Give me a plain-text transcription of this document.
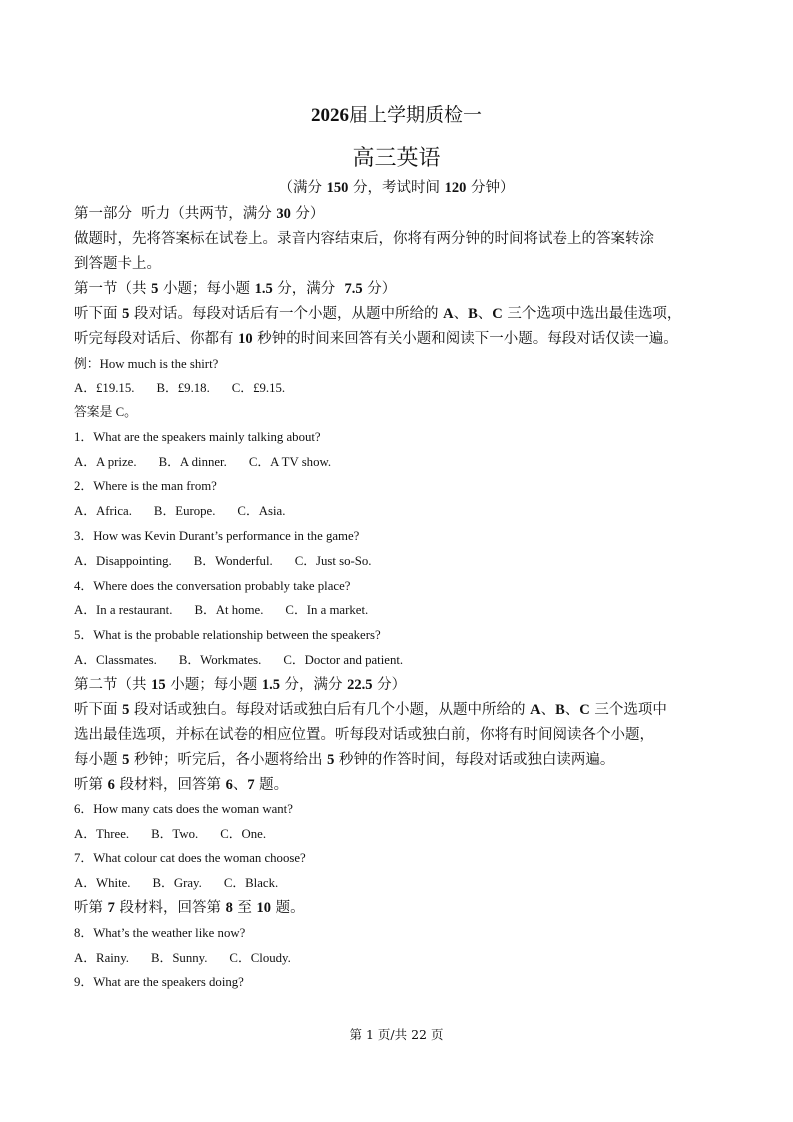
2026届上学期质检一
高三英语
（满分 150 分，考试时间 120 分钟）
第一部分  听力（共两节，满分 30 分）
做题时，先将答案标在试卷上。录音内容结束后，你将有两分钟的时间将试卷上的答案转涂
到答题卡上。
第一节（共 5 小题；每小题 1.5 分，满分  7.5 分）
听下面 5 段对话。每段对话后有一个小题，从题中所给的 A、B、C 三个选项中选出最佳选项，
听完每段对话后、你都有 10 秒钟的时间来回答有关小题和阅读下一小题。每段对话仅读一遍。
例：How much is the shirt?
A．£19.15. B．£9.18. C．£9.15.
答案是 C。
1．What are the speakers mainly talking about?
A．A prize. B．A dinner. C．A TV show.
2．Where is the man from?
A．Africa. B．Europe. C．Asia.
3．How was Kevin Durant’s performance in the game?
A．Disappointing. B．Wonderful. C．Just so-So.
4．Where does the conversation probably take place?
A．In a restaurant. B．At home. C．In a market.
5．What is the probable relationship between the speakers?
A．Classmates. B．Workmates. C．Doctor and patient.
第二节（共 15 小题；每小题 1.5 分，满分 22.5 分）
听下面 5 段对话或独白。每段对话或独白后有几个小题，从题中所给的 A、B、C 三个选项中
选出最佳选项，并标在试卷的相应位置。听每段对话或独白前，你将有时间阅读各个小题，
每小题 5 秒钟；听完后，各小题将给出 5 秒钟的作答时间，每段对话或独白读两遍。
听第 6 段材料，回答第 6、7 题。
6．How many cats does the woman want?
A．Three. B．Two. C．One.
7．What colour cat does the woman choose?
A．White. B．Gray. C．Black.
听第 7 段材料，回答第 8 至 10 题。
8．What’s the weather like now?
A．Rainy. B．Sunny. C．Cloudy.
9．What are the speakers doing?
第 1 页/共 22 页
